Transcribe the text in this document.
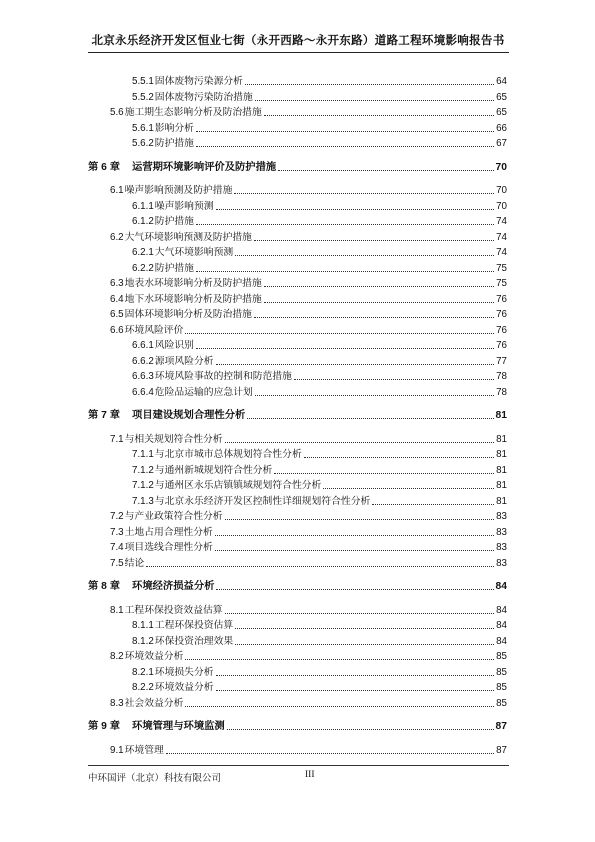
北京永乐经济开发区恒业七街（永开西路～永开东路）道路工程环境影响报告书
5.5.1固体废物污染源分析	64
5.5.2固体废物污染防治措施	65
5.6施工期生态影响分析及防治措施	65
5.6.1影响分析	66
5.6.2防护措施	67
第 6 章 运营期环境影响评价及防护措施	70
6.1噪声影响预测及防护措施	70
6.1.1噪声影响预测	70
6.1.2防护措施	74
6.2大气环境影响预测及防护措施	74
6.2.1大气环境影响预测	74
6.2.2防护措施	75
6.3地表水环境影响分析及防护措施	75
6.4地下水环境影响分析及防护措施	76
6.5固体环境影响分析及防治措施	76
6.6环境风险评价	76
6.6.1风险识别	76
6.6.2源项风险分析	77
6.6.3环境风险事故的控制和防范措施	78
6.6.4危险品运输的应急计划	78
第 7 章 项目建设规划合理性分析	81
7.1与相关规划符合性分析	81
7.1.1与北京市城市总体规划符合性分析	81
7.1.2与通州新城规划符合性分析	81
7.1.2与通州区永乐店镇镇域规划符合性分析	81
7.1.3与北京永乐经济开发区控制性详细规划符合性分析	81
7.2与产业政策符合性分析	83
7.3土地占用合理性分析	83
7.4项目选线合理性分析	83
7.5结论	83
第 8 章 环境经济损益分析	84
8.1工程环保投资效益估算	84
8.1.1工程环保投资估算	84
8.1.2环保投资治理效果	84
8.2环境效益分析	85
8.2.1环境损失分析	85
8.2.2环境效益分析	85
8.3社会效益分析	85
第 9 章 环境管理与环境监测	87
9.1环境管理	87
中环国评（北京）科技有限公司	III
